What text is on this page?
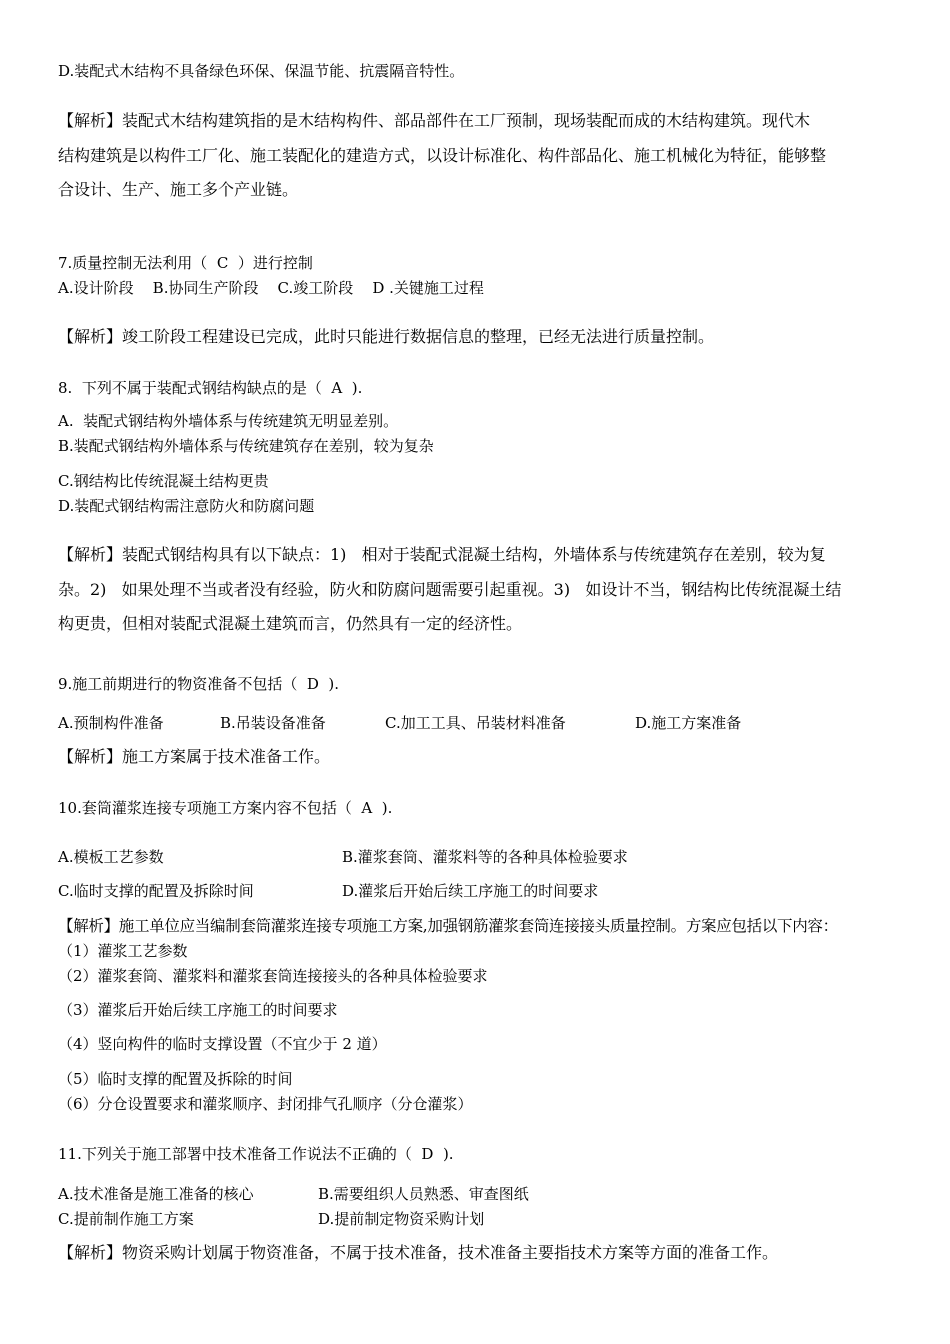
D.装配式木结构不具备绿色环保、保温节能、抗震隔音特性。

【解析】装配式木结构建筑指的是木结构构件、部品部件在工厂预制，现场装配而成的木结构建筑。现代木

结构建筑是以构件工厂化、施工装配化的建造方式，以设计标准化、构件部品化、施工机械化为特征，能够整

合设计、生产、施工多个产业链。

7.质量控制无法利用（  C  ）进行控制

A.设计阶段    B.协同生产阶段    C.竣工阶段    D .关键施工过程

【解析】竣工阶段工程建设已完成，此时只能进行数据信息的整理，已经无法进行质量控制。

8.  下列不属于装配式钢结构缺点的是（  A  ).

A.  装配式钢结构外墙体系与传统建筑无明显差别。

B.装配式钢结构外墙体系与传统建筑存在差别，较为复杂

C.钢结构比传统混凝土结构更贵

D.装配式钢结构需注意防火和防腐问题

【解析】装配式钢结构具有以下缺点：1)   相对于装配式混凝土结构，外墙体系与传统建筑存在差别，较为复

杂。2)   如果处理不当或者没有经验，防火和防腐问题需要引起重视。3)   如设计不当，钢结构比传统混凝土结

构更贵，但相对装配式混凝土建筑而言，仍然具有一定的经济性。

9.施工前期进行的物资准备不包括（  D  ).

A.预制构件准备	B.吊装设备准备	C.加工工具、吊装材料准备	D.施工方案准备

【解析】施工方案属于技术准备工作。

10.套筒灌浆连接专项施工方案内容不包括（  A  ).

A.模板工艺参数	B.灌浆套筒、灌浆料等的各种具体检验要求

C.临时支撑的配置及拆除时间	D.灌浆后开始后续工序施工的时间要求

【解析】施工单位应当编制套筒灌浆连接专项施工方案,加强钢筋灌浆套筒连接接头质量控制。方案应包括以下内容：

（1）灌浆工艺参数

（2）灌浆套筒、灌浆料和灌浆套筒连接接头的各种具体检验要求

（3）灌浆后开始后续工序施工的时间要求

（4）竖向构件的临时支撑设置（不宜少于 2 道）

（5）临时支撑的配置及拆除的时间

（6）分仓设置要求和灌浆顺序、封闭排气孔顺序（分仓灌浆）

11.下列关于施工部署中技术准备工作说法不正确的（  D  ).

A.技术准备是施工准备的核心	B.需要组织人员熟悉、审查图纸

C.提前制作施工方案	D.提前制定物资采购计划

【解析】物资采购计划属于物资准备，不属于技术准备，技术准备主要指技术方案等方面的准备工作。
